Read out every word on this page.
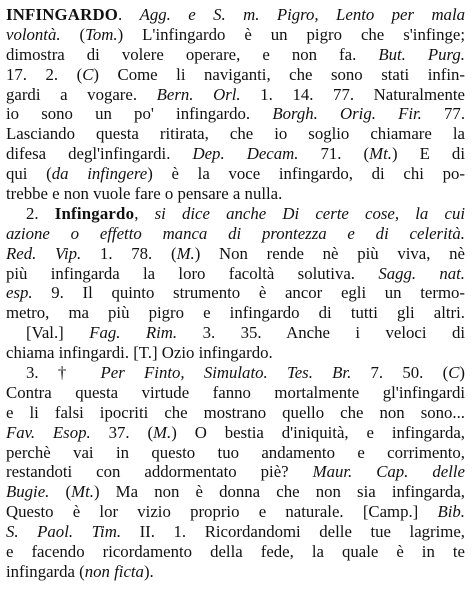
INFINGARDO. Agg. e S. m. Pigro, Lento per mala
volontà. (Tom.) L'infingardo è un pigro che s'infinge;
dimostra di volere operare, e non fa. But. Purg.
17. 2. (C) Come li naviganti, che sono stati infin-
gardi a vogare. Bern. Orl. 1. 14. 77. Naturalmente
io sono un po' infingardo. Borgh. Orig. Fir. 77.
Lasciando questa ritirata, che io soglio chiamare la
difesa degl'infingardi. Dep. Decam. 71. (Mt.) E di
qui (da infingere) è la voce infingardo, di chi po-
trebbe e non vuole fare o pensare a nulla.
2. Infingardo, si dice anche Di certe cose, la cui
azione o effetto manca di prontezza e di celerità.
Red. Vip. 1. 78. (M.) Non rende nè più viva, nè
più infingarda la loro facoltà solutiva. Sagg. nat.
esp. 9. Il quinto strumento è ancor egli un termo-
metro, ma più pigro e infingardo di tutti gli altri.
[Val.] Fag. Rim. 3. 35. Anche i veloci di
chiama infingardi. [T.] Ozio infingardo.
3. † Per Finto, Simulato. Tes. Br. 7. 50. (C)
Contra questa virtude fanno mortalmente gl'infingardi
e li falsi ipocriti che mostrano quello che non sono...
Fav. Esop. 37. (M.) O bestia d'iniquità, e infingarda,
perchè vai in questo tuo andamento e corrimento,
restandoti con addormentato piè? Maur. Cap. delle
Bugie. (Mt.) Ma non è donna che non sia infingarda,
Questo è lor vizio proprio e naturale. [Camp.] Bib.
S. Paol. Tim. II. 1. Ricordandomi delle tue lagrime,
e facendo ricordamento della fede, la quale è in te
infingarda (non ficta).
